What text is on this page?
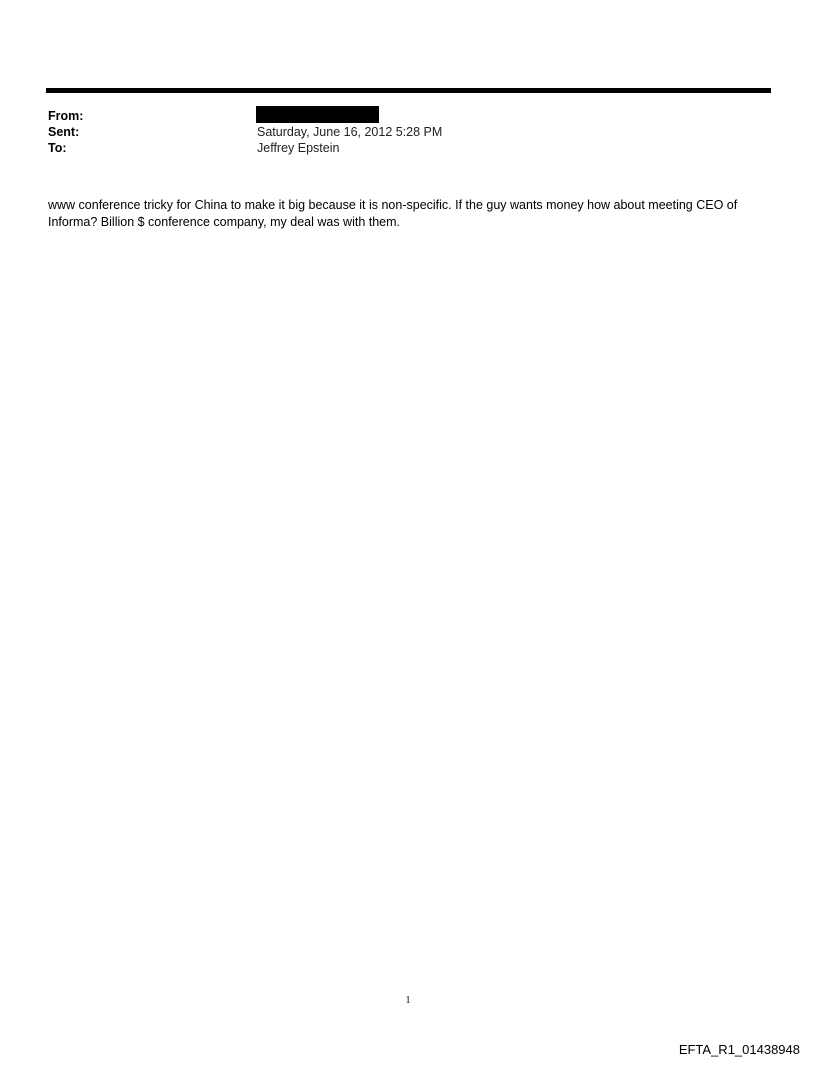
From:
Sent:	Saturday, June 16, 2012 5:28 PM
To:	Jeffrey Epstein
www conference tricky for China to make it big because it is non-specific. If the guy wants money how about meeting CEO of Informa? Billion $ conference company, my deal was with them.
1
EFTA_R1_01438948
